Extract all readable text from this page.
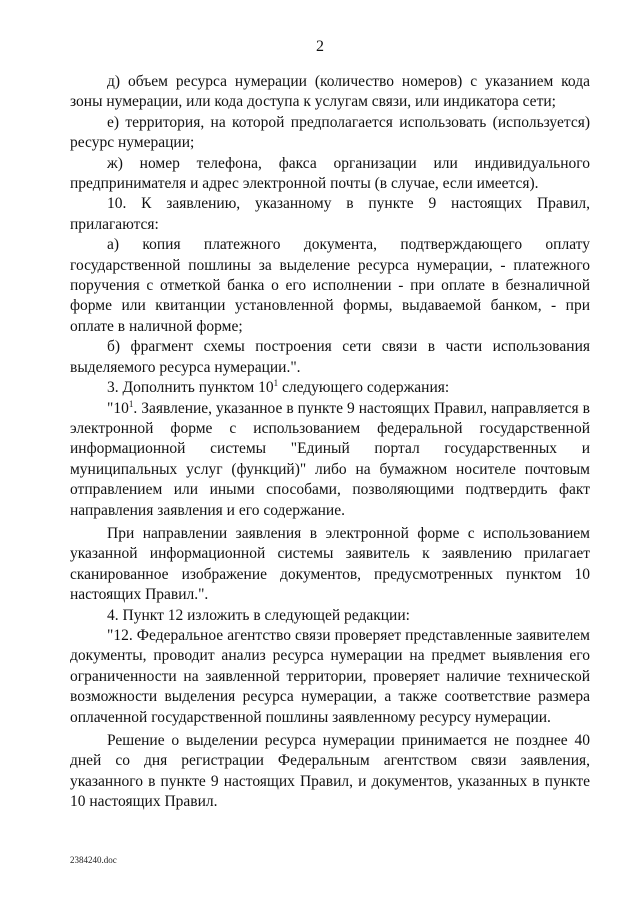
2

д) объем ресурса нумерации (количество номеров) с указанием кода зоны нумерации, или кода доступа к услугам связи, или индикатора сети;

е) территория, на которой предполагается использовать (используется) ресурс нумерации;

ж) номер телефона, факса организации или индивидуального предпринимателя и адрес электронной почты (в случае, если имеется).

10. К заявлению, указанному в пункте 9 настоящих Правил, прилагаются:

а) копия платежного документа, подтверждающего оплату государственной пошлины за выделение ресурса нумерации, - платежного поручения с отметкой банка о его исполнении - при оплате в безналичной форме или квитанции установленной формы, выдаваемой банком, - при оплате в наличной форме;

б) фрагмент схемы построения сети связи в части использования выделяемого ресурса нумерации.".

3. Дополнить пунктом $10^1$ следующего содержания:

"$10^1$. Заявление, указанное в пункте 9 настоящих Правил, направляется в электронной форме с использованием федеральной государственной информационной системы "Единый портал государственных и муниципальных услуг (функций)" либо на бумажном носителе почтовым отправлением или иными способами, позволяющими подтвердить факт направления заявления и его содержание.

При направлении заявления в электронной форме с использованием указанной информационной системы заявитель к заявлению прилагает сканированное изображение документов, предусмотренных пунктом 10 настоящих Правил.".

4. Пункт 12 изложить в следующей редакции:

"12. Федеральное агентство связи проверяет представленные заявителем документы, проводит анализ ресурса нумерации на предмет выявления его ограниченности на заявленной территории, проверяет наличие технической возможности выделения ресурса нумерации, а также соответствие размера оплаченной государственной пошлины заявленному ресурсу нумерации.

Решение о выделении ресурса нумерации принимается не позднее 40 дней со дня регистрации Федеральным агентством связи заявления, указанного в пункте 9 настоящих Правил, и документов, указанных в пункте 10 настоящих Правил.

2384240.doc
